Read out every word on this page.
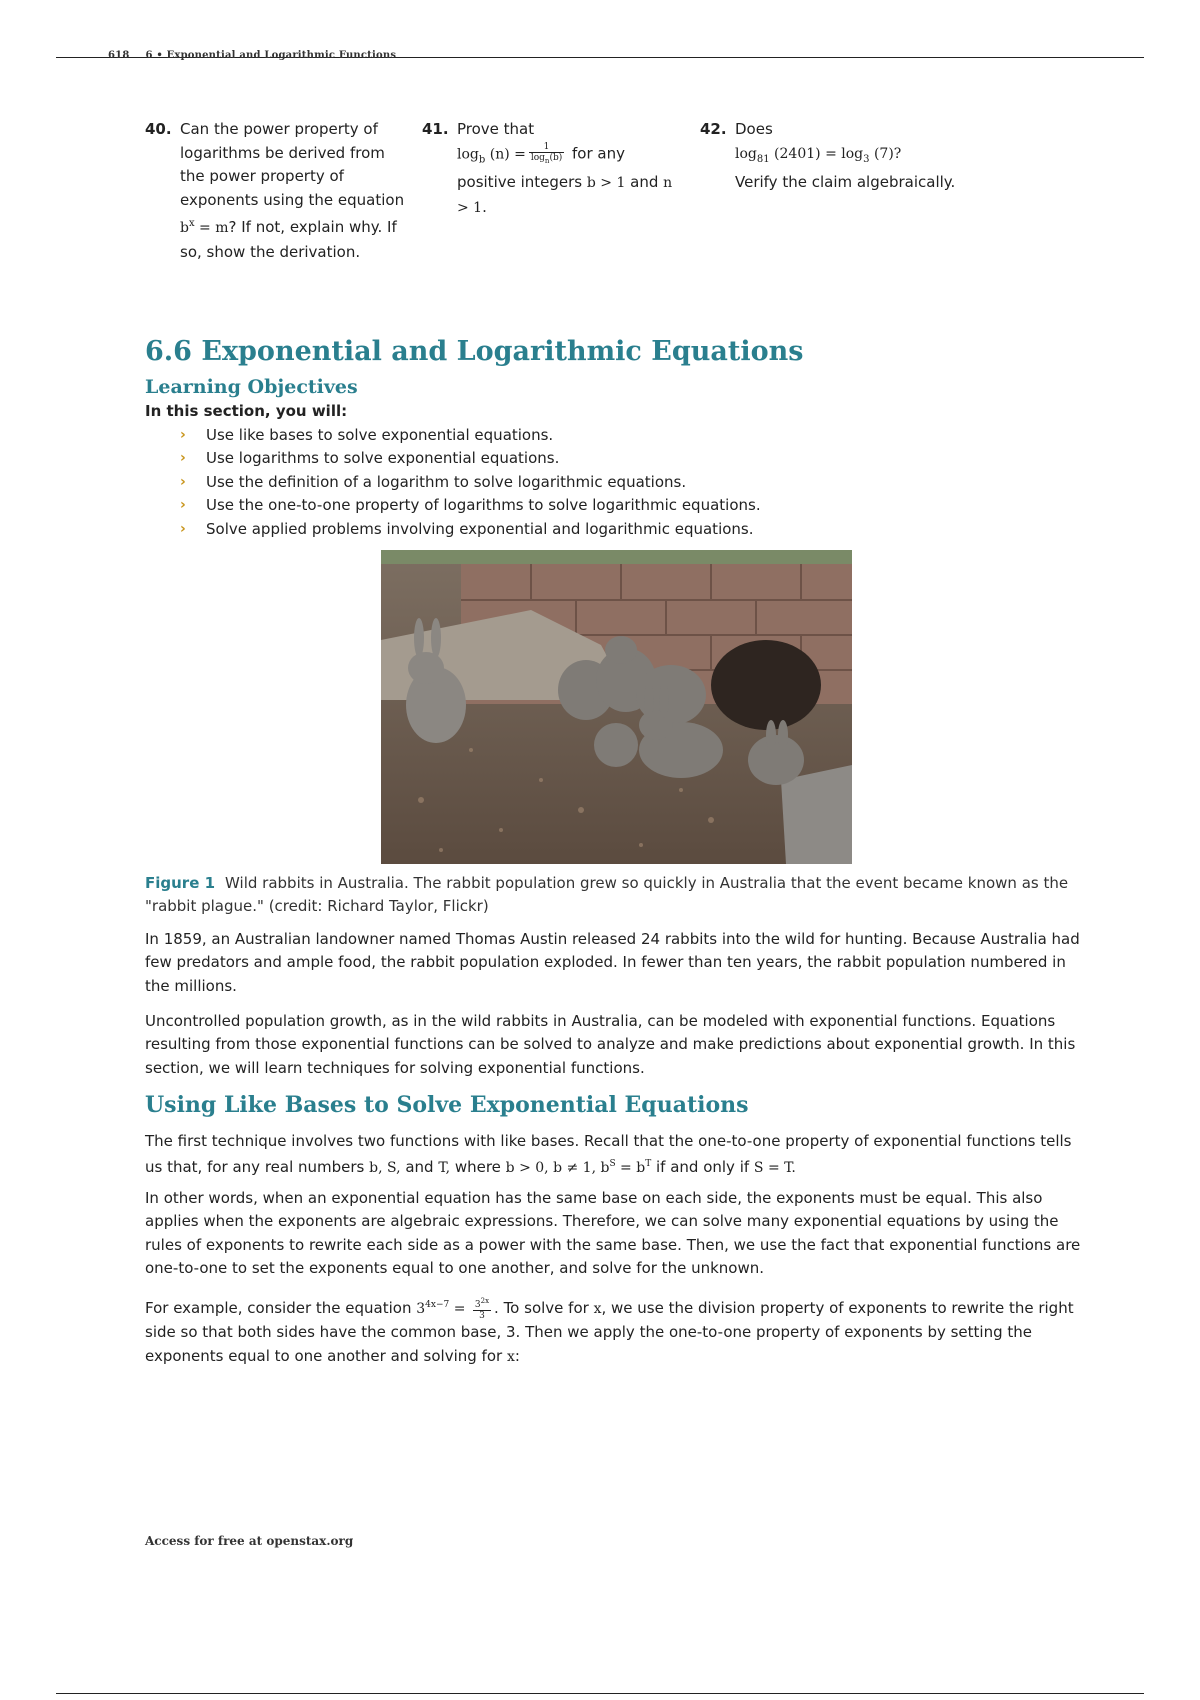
618 6 • Exponential and Logarithmic Functions
40. Can the power property of logarithms be derived from the power property of exponents using the equation $b^x = m$? If not, explain why. If so, show the derivation.
41. Prove that
$\log_b (n) = \frac{1}{\log_n(b)}$ for any positive integers b > 1 and n > 1.
42. Does
$\log_{81} (2401) = \log_3 (7)$?
Verify the claim algebraically.
6.6 Exponential and Logarithmic Equations
Learning Objectives
In this section, you will:
› Use like bases to solve exponential equations.
› Use logarithms to solve exponential equations.
› Use the definition of a logarithm to solve logarithmic equations.
› Use the one-to-one property of logarithms to solve logarithmic equations.
› Solve applied problems involving exponential and logarithmic equations.
Figure 1 Wild rabbits in Australia. The rabbit population grew so quickly in Australia that the event became known as the "rabbit plague." (credit: Richard Taylor, Flickr)

In 1859, an Australian landowner named Thomas Austin released 24 rabbits into the wild for hunting. Because Australia had few predators and ample food, the rabbit population exploded. In fewer than ten years, the rabbit population numbered in the millions.

Uncontrolled population growth, as in the wild rabbits in Australia, can be modeled with exponential functions. Equations resulting from those exponential functions can be solved to analyze and make predictions about exponential growth. In this section, we will learn techniques for solving exponential functions.

Using Like Bases to Solve Exponential Equations

The first technique involves two functions with like bases. Recall that the one-to-one property of exponential functions tells us that, for any real numbers b, S, and T, where b > 0, b ≠ 1, $b^S = b^T$ if and only if S = T.

In other words, when an exponential equation has the same base on each side, the exponents must be equal. This also applies when the exponents are algebraic expressions. Therefore, we can solve many exponential equations by using the rules of exponents to rewrite each side as a power with the same base. Then, we use the fact that exponential functions are one-to-one to set the exponents equal to one another, and solve for the unknown.

For example, consider the equation $3^{4x-7} = \frac{3^{2x}}{3}$ . To solve for x, we use the division property of exponents to rewrite the right side so that both sides have the common base, 3. Then we apply the one-to-one property of exponents by setting the exponents equal to one another and solving for x:

Access for free at openstax.org
